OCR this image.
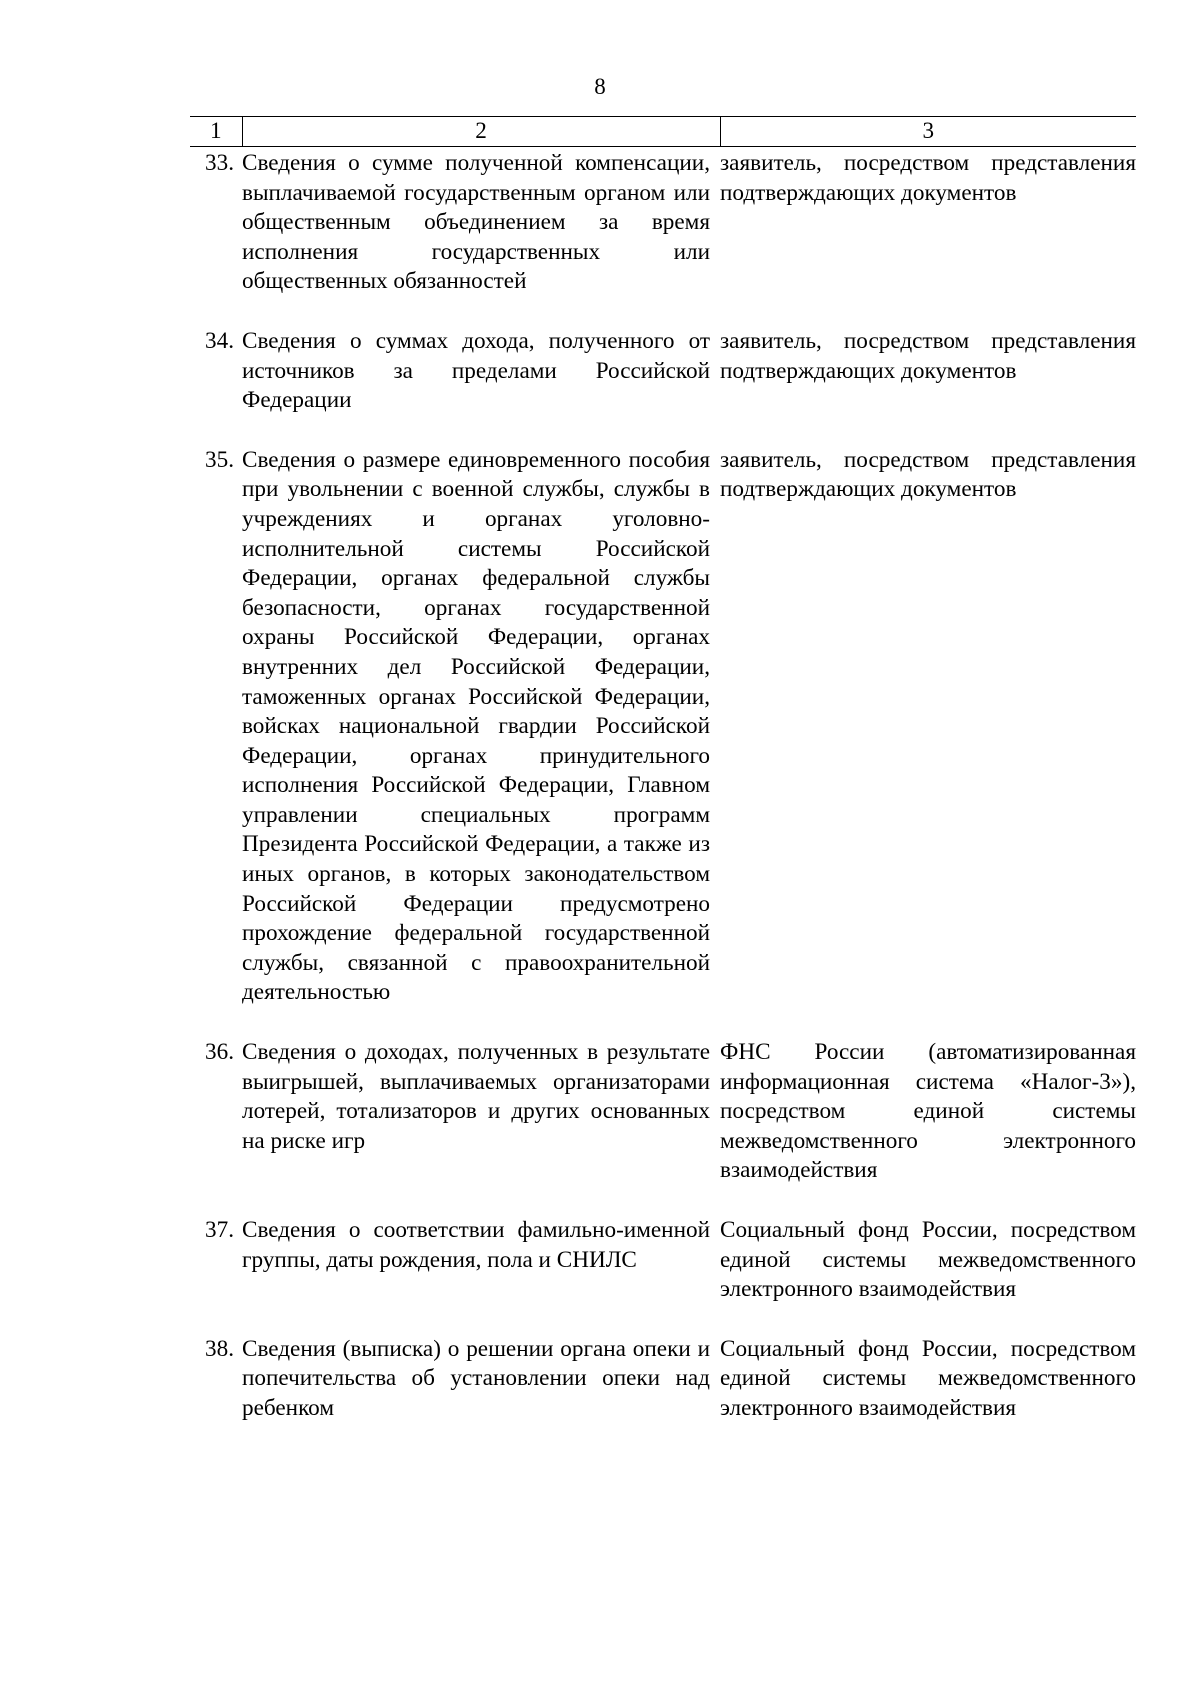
8
1	2	3
33.	Сведения о сумме полученной компенсации, выплачиваемой государственным органом или общественным объединением за время исполнения государственных или общественных обязанностей	заявитель, посредством представления подтверждающих документов
34.	Сведения о суммах дохода, полученного от источников за пределами Российской Федерации	заявитель, посредством представления подтверждающих документов
35.	Сведения о размере единовременного пособия при увольнении с военной службы, службы в учреждениях и органах уголовно-исполнительной системы Российской Федерации, органах федеральной службы безопасности, органах государственной охраны Российской Федерации, органах внутренних дел Российской Федерации, таможенных органах Российской Федерации, войсках национальной гвардии Российской Федерации, органах принудительного исполнения Российской Федерации, Главном управлении специальных программ Президента Российской Федерации, а также из иных органов, в которых законодательством Российской Федерации предусмотрено прохождение федеральной государственной службы, связанной с правоохранительной деятельностью	заявитель, посредством представления подтверждающих документов
36.	Сведения о доходах, полученных в результате выигрышей, выплачиваемых организаторами лотерей, тотализаторов и других основанных на риске игр	ФНС России (автоматизированная информационная система «Налог-3»), посредством единой системы межведомственного электронного взаимодействия
37.	Сведения о соответствии фамильно-именной группы, даты рождения, пола и СНИЛС	Социальный фонд России, посредством единой системы межведомственного электронного взаимодействия
38.	Сведения (выписка) о решении органа опеки и попечительства об установлении опеки над ребенком	Социальный фонд России, посредством единой системы межведомственного электронного взаимодействия
